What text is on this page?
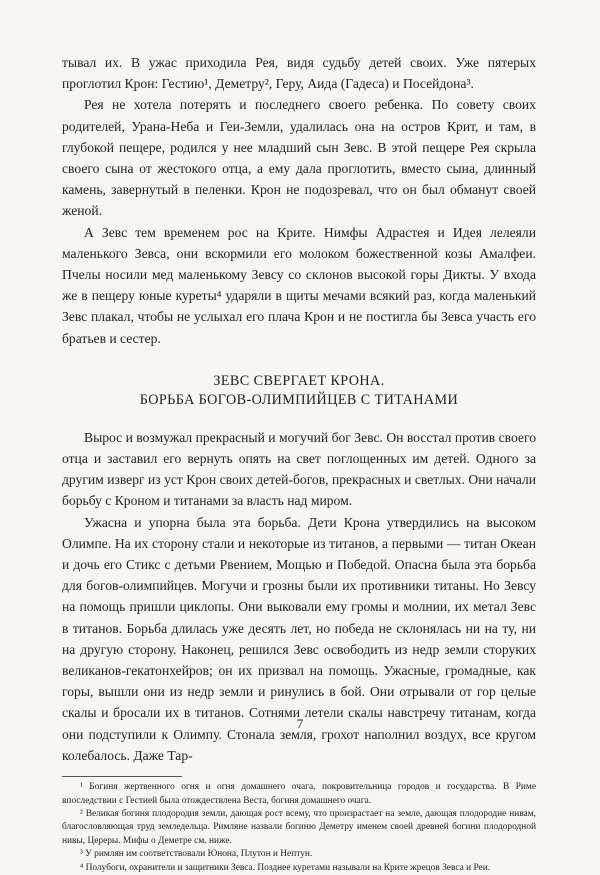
тывал их. В ужас приходила Рея, видя судьбу детей своих. Уже пятерых проглотил Крон: Гестию¹, Деметру², Геру, Аида (Гадеса) и Посейдона³.

Рея не хотела потерять и последнего своего ребенка. По совету своих родителей, Урана-Неба и Геи-Земли, удалилась она на остров Крит, и там, в глубокой пещере, родился у нее младший сын Зевс. В этой пещере Рея скрыла своего сына от жестокого отца, а ему дала проглотить, вместо сына, длинный камень, завернутый в пеленки. Крон не подозревал, что он был обманут своей женой.

А Зевс тем временем рос на Крите. Нимфы Адрастея и Идея лелеяли маленького Зевса, они вскормили его молоком божественной козы Амалфеи. Пчелы носили мед маленькому Зевсу со склонов высокой горы Дикты. У входа же в пещеру юные куреты⁴ ударяли в щиты мечами всякий раз, когда маленький Зевс плакал, чтобы не услыхал его плача Крон и не постигла бы Зевса участь его братьев и сестер.

ЗЕВС СВЕРГАЕТ КРОНА.
БОРЬБА БОГОВ-ОЛИМПИЙЦЕВ С ТИТАНАМИ

Вырос и возмужал прекрасный и могучий бог Зевс. Он восстал против своего отца и заставил его вернуть опять на свет поглощенных им детей. Одного за другим изверг из уст Крон своих детей-богов, прекрасных и светлых. Они начали борьбу с Кроном и титанами за власть над миром.

Ужасна и упорна была эта борьба. Дети Крона утвердились на высоком Олимпе. На их сторону стали и некоторые из титанов, а первыми — титан Океан и дочь его Стикс с детьми Рвением, Мощью и Победой. Опасна была эта борьба для богов-олимпийцев. Могучи и грозны были их противники титаны. Но Зевсу на помощь пришли циклопы. Они выковали ему громы и молнии, их метал Зевс в титанов. Борьба длилась уже десять лет, но победа не склонялась ни на ту, ни на другую сторону. Наконец, решился Зевс освободить из недр земли сторуких великанов-гекатонхейров; он их призвал на помощь. Ужасные, громадные, как горы, вышли они из недр земли и ринулись в бой. Они отрывали от гор целые скалы и бросали их в титанов. Сотнями летели скалы навстречу титанам, когда они подступили к Олимпу. Стонала земля, грохот наполнил воздух, все кругом колебалось. Даже Тар-

¹ Богиня жертвенного огня и огня домашнего очага, покровительница городов и государства. В Риме впоследствии с Гестией была отождествлена Веста, богиня домашнего очага.

² Великая богиня плодородия земли, дающая рост всему, что произрастает на земле, дающая плодородие нивам, благословляющая труд земледельца. Римляне назвали богиню Деметру именем своей древней богини плодородной нивы, Цереры. Мифы о Деметре см. ниже.

³ У римлян им соответствовали Юнона, Плутон и Нептун.

⁴ Полубоги, охранители и защитники Зевса. Позднее куретами называли на Крите жрецов Зевса и Реи.

7
